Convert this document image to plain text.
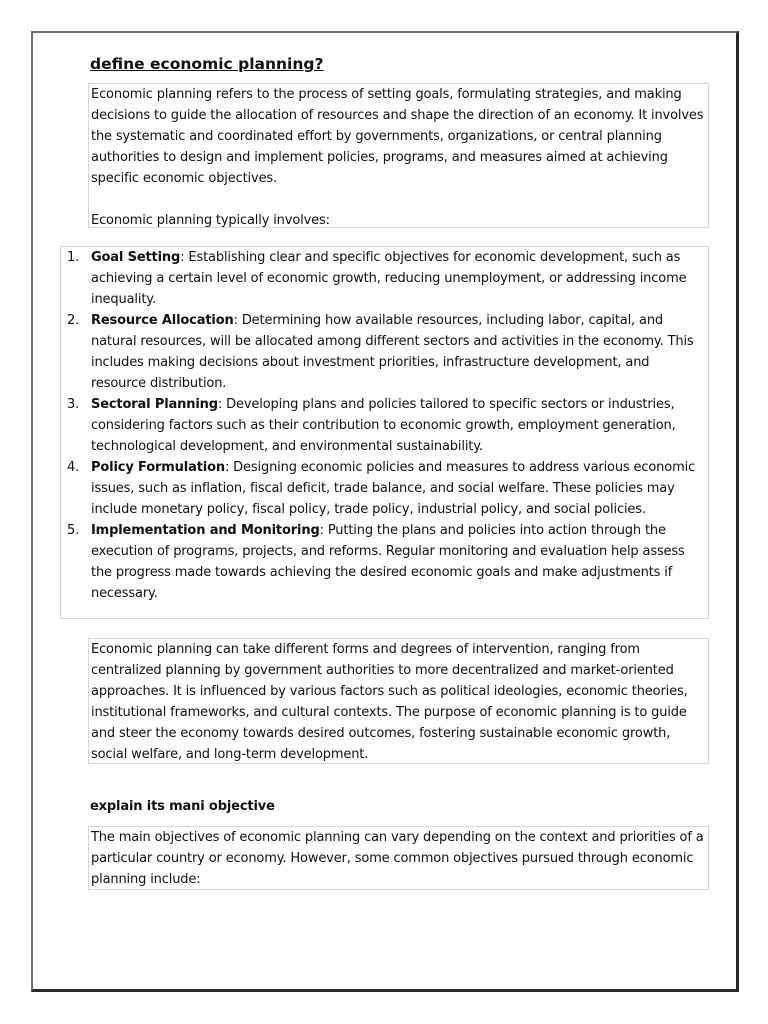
define economic planning?

Economic planning refers to the process of setting goals, formulating strategies, and making decisions to guide the allocation of resources and shape the direction of an economy. It involves the systematic and coordinated effort by governments, organizations, or central planning authorities to design and implement policies, programs, and measures aimed at achieving specific economic objectives.

Economic planning typically involves:

1. Goal Setting: Establishing clear and specific objectives for economic development, such as achieving a certain level of economic growth, reducing unemployment, or addressing income inequality.
2. Resource Allocation: Determining how available resources, including labor, capital, and natural resources, will be allocated among different sectors and activities in the economy. This includes making decisions about investment priorities, infrastructure development, and resource distribution.
3. Sectoral Planning: Developing plans and policies tailored to specific sectors or industries, considering factors such as their contribution to economic growth, employment generation, technological development, and environmental sustainability.
4. Policy Formulation: Designing economic policies and measures to address various economic issues, such as inflation, fiscal deficit, trade balance, and social welfare. These policies may include monetary policy, fiscal policy, trade policy, industrial policy, and social policies.
5. Implementation and Monitoring: Putting the plans and policies into action through the execution of programs, projects, and reforms. Regular monitoring and evaluation help assess the progress made towards achieving the desired economic goals and make adjustments if necessary.

Economic planning can take different forms and degrees of intervention, ranging from centralized planning by government authorities to more decentralized and market-oriented approaches. It is influenced by various factors such as political ideologies, economic theories, institutional frameworks, and cultural contexts. The purpose of economic planning is to guide and steer the economy towards desired outcomes, fostering sustainable economic growth, social welfare, and long-term development.

explain its mani objective

The main objectives of economic planning can vary depending on the context and priorities of a particular country or economy. However, some common objectives pursued through economic planning include:
